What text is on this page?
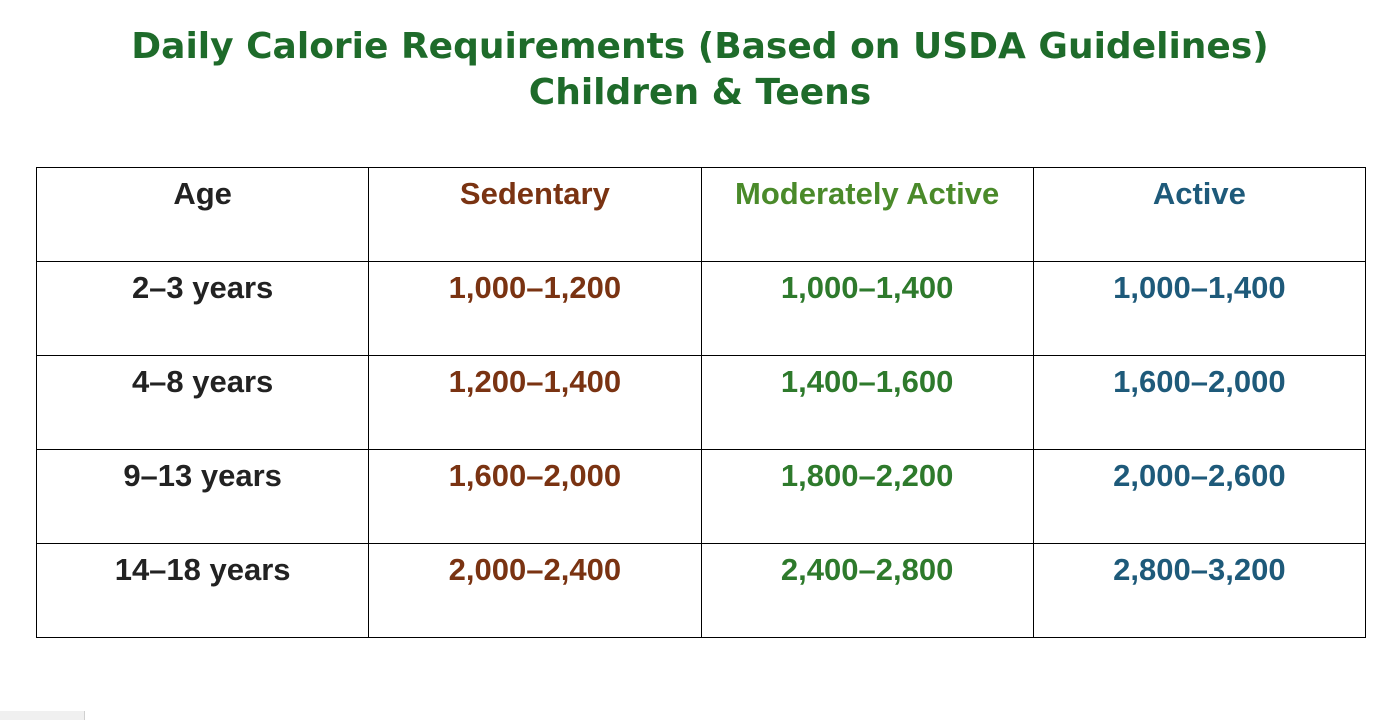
Daily Calorie Requirements (Based on USDA Guidelines)
Children & Teens
Age	Sedentary	Moderately Active	Active
2–3 years	1,000–1,200	1,000–1,400	1,000–1,400
4–8 years	1,200–1,400	1,400–1,600	1,600–2,000
9–13 years	1,600–2,000	1,800–2,200	2,000–2,600
14–18 years	2,000–2,400	2,400–2,800	2,800–3,200
